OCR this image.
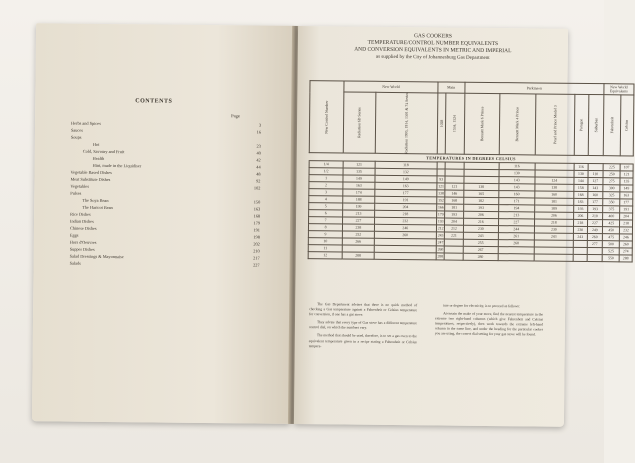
CONTENTS
Page
Herbs and Spices	3
Sauces	16
Soups
Hot	23
Cold, Savoury and Fruit	40
Health	42
Hint, made in the Liquidiser	44
Vegetable Based Dishes	48
Meat Substitute Dishes	92
Vegetables	102
Pulses
The Soya Bean	150
The Haricot Bean	163
Rice Dishes	168
Indian Dishes	179
Chinese Dishes	191
Eggs	198
Hors d'Oeuvres	202
Supper Dishes	210
Salad Dressings & Mayonnaise	217
Salads	227
GAS COOKERS
TEMPERATURE/CONTROL NUMBER EQUIVALENTS
AND CONVERSION EQUIVALENTS IN METRIC AND IMPERIAL
as supplied by the City of Johannesburg Gas Department
New Control Number	New World		Main		Parkinson					New World Equivalents	
	Radiation 6D Series	Radiation 1905, 1914, 1301 & 74 Series	1028	1534, 1524	Bennett Mark 6 Prince	Bennett Mark 4 Prince	Pearl and Prince Model 3	Paragon	Suburban	Fahrenheit	Celsius
TEMPERATURES IN DEGREES CELSIUS											
1/4	121	118				116		116		225	107
1/2	135	132				130		130	110	250	121
1	149	149	93			143	124	144	127	275	135
2	163	163	121	121	138	143	138	158	143	300	149
3	174	177	138	146	165	160	160	168	160	325	163
4	188	191	152	168	182	171	181	183	177	350	177
5	199	204	166	181	193	194	189	193	193	375	191
6	213	218	179	193	206	213	206	206	210	400	204
7	227	232	193	204	216	227	218	218	227	425	218
8	238	246	212	212	230	244	230	230	249	450	232
9	252	260	243	221	243	261	243	243	260	475	246
10	266		247		255	268			277	500	260
11			260		267					525	274
12	288		288		280					550	288

The Gas Department advises that there is no quick method of checking a Gas temperature against a Fahrenheit or Celsius temperature for conversion, if one has a gas stove.

They advise that every type of Gas stove has a different temperature control dial, on which the numbers vary.

The method that should be used, therefore, is to set a gas oven to the equivalent temperature given in a recipe stating a Fahrenheit or Celsius tempera-

ture or degree for electricity, is to proceed as follows:

Ascertain the make of your stove, find the nearest temperature in the extreme two right-hand columns (which give Fahrenheit and Celsius temperatures, respectively), then work towards the extreme left-hand column in the same line, and under the heading for the particular cooker you are using, the correct dial setting for your gas stove will be found.
